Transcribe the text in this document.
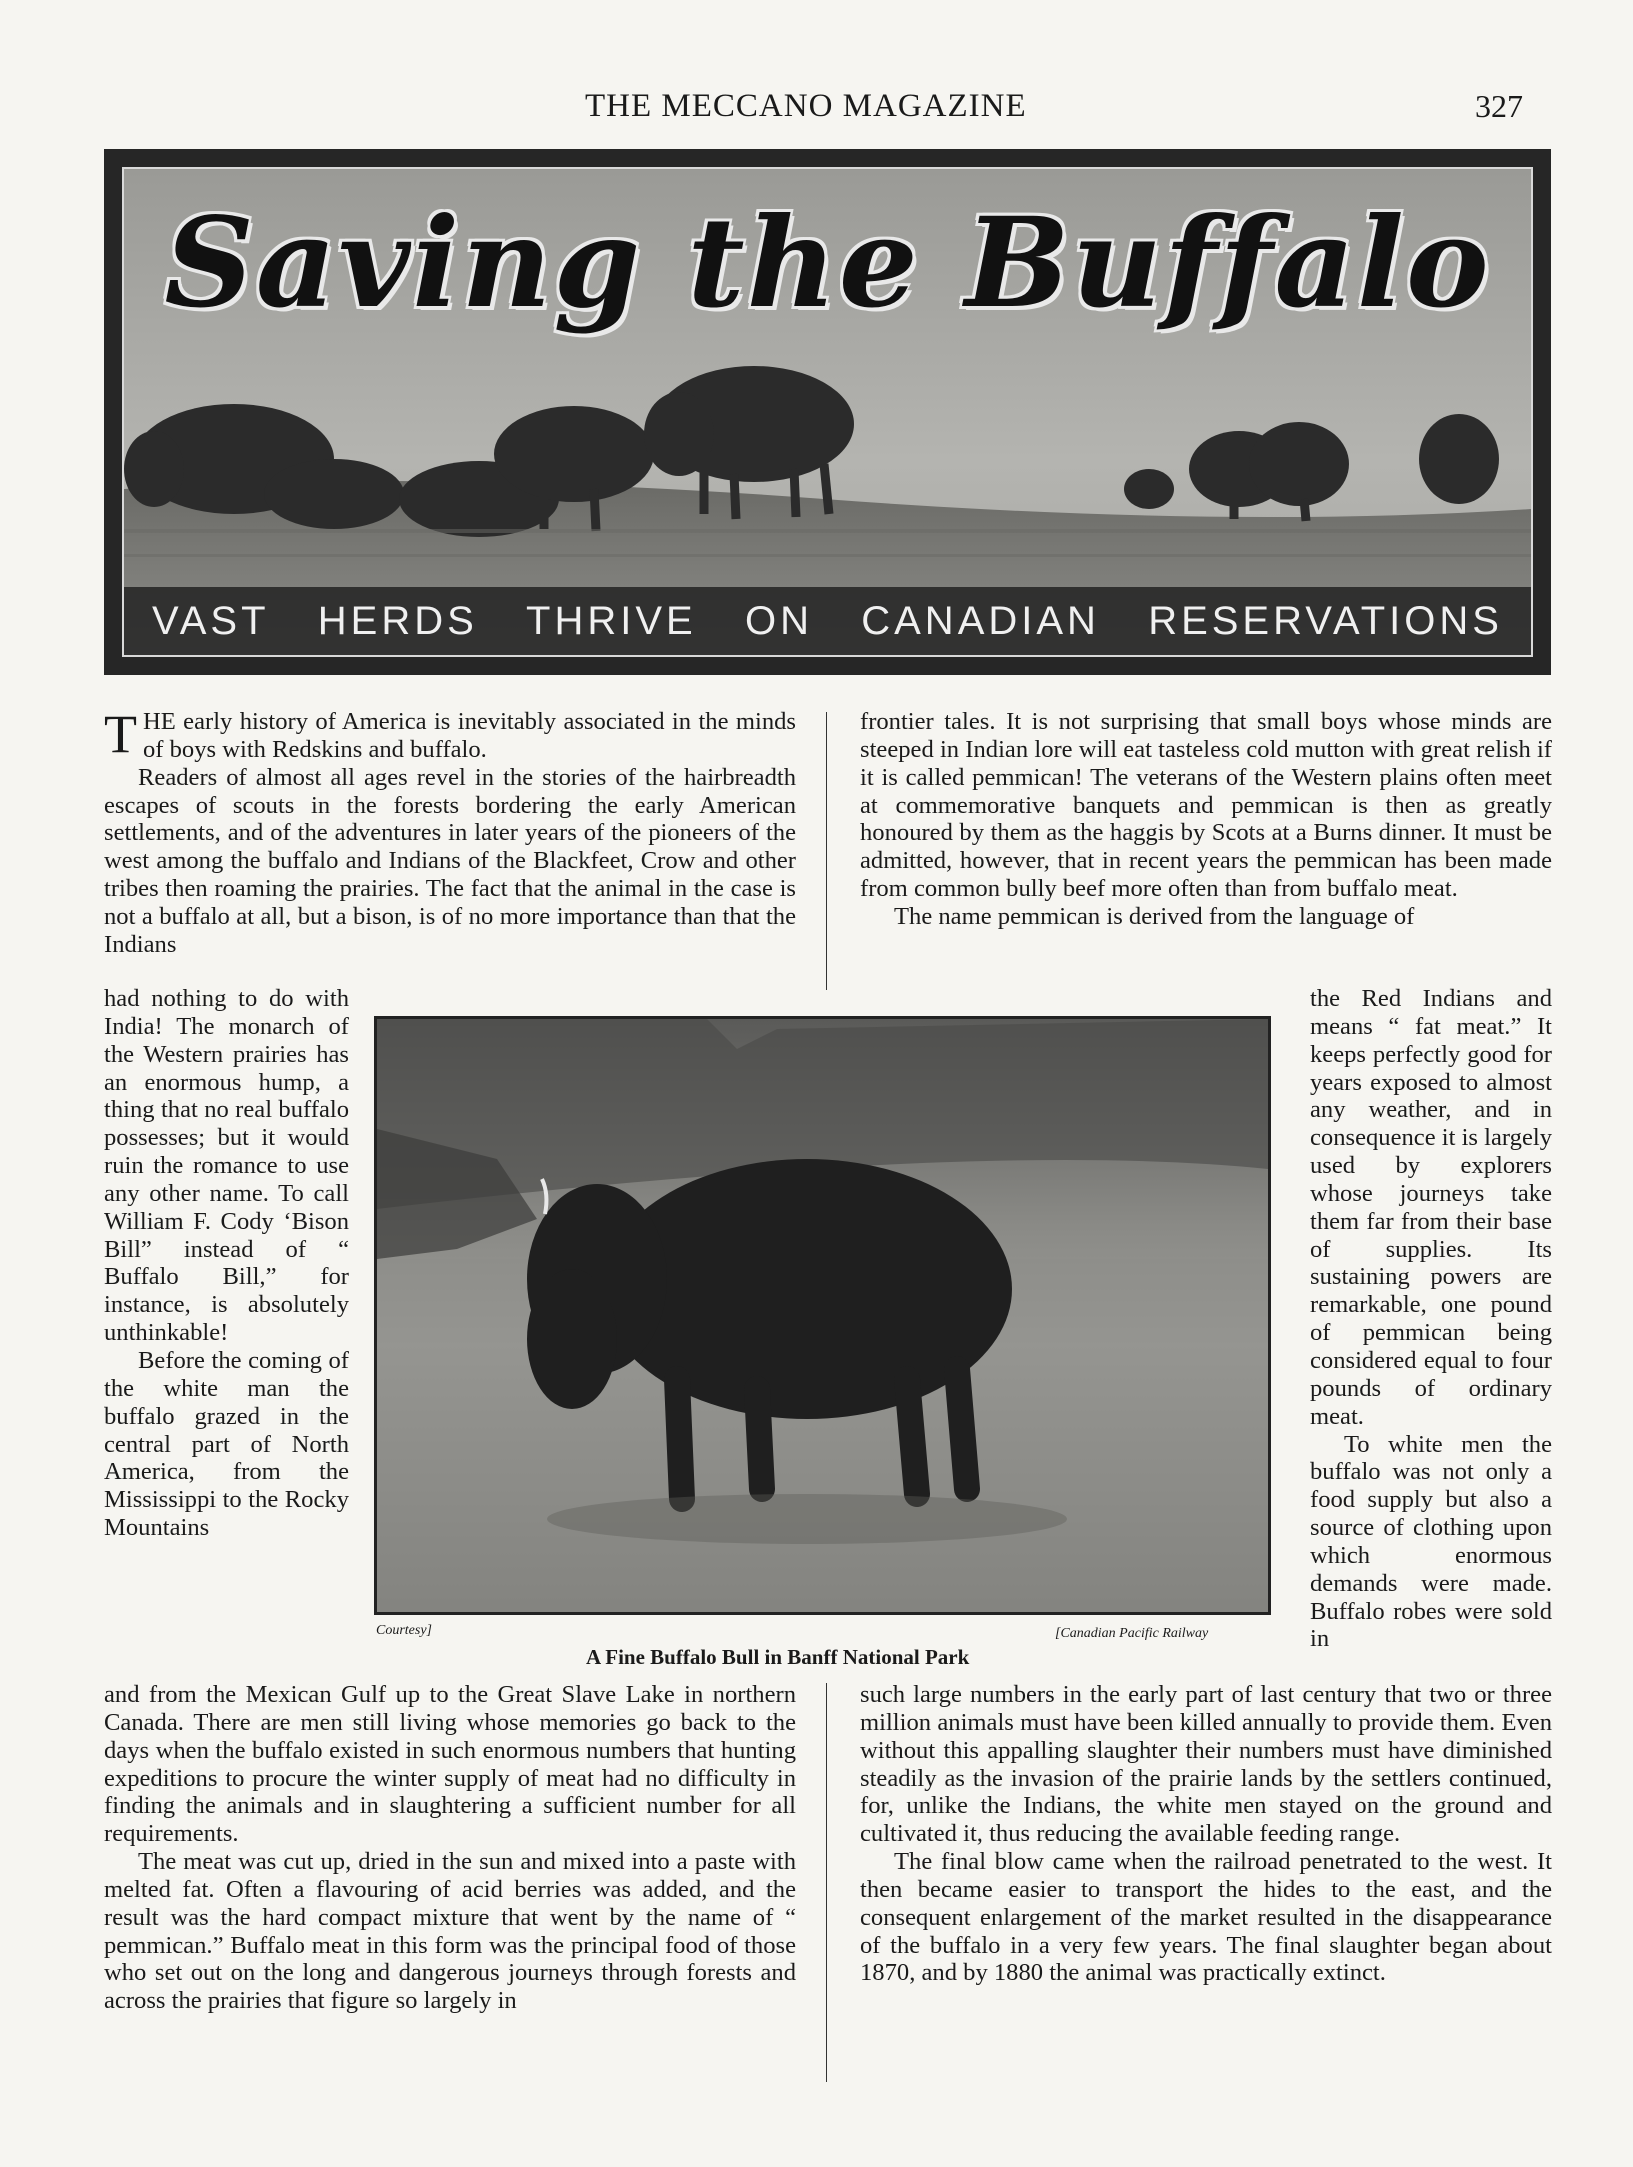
THE MECCANO MAGAZINE	327
Saving the Buffalo
VAST HERDS THRIVE ON CANADIAN RESERVATIONS

THE early history of America is inevitably associated in the minds of boys with Redskins and buffalo.

Readers of almost all ages revel in the stories of the hairbreadth escapes of scouts in the forests bordering the early American settlements, and of the adventures in later years of the pioneers of the west among the buffalo and Indians of the Blackfeet, Crow and other tribes then roaming the prairies. The fact that the animal in the case is not a buffalo at all, but a bison, is of no more importance than that the Indians

had nothing to do with India! The monarch of the Western prairies has an enormous hump, a thing that no real buffalo possesses; but it would ruin the romance to use any other name. To call William F. Cody ‘Bison Bill” instead of “ Buffalo Bill,” for instance, is absolutely unthinkable!

Before the coming of the white man the buffalo grazed in the central part of North America, from the Mississippi to the Rocky Mountains

and from the Mexican Gulf up to the Great Slave Lake in northern Canada. There are men still living whose memories go back to the days when the buffalo existed in such enormous numbers that hunting expeditions to procure the winter supply of meat had no difficulty in finding the animals and in slaughtering a sufficient number for all requirements.

The meat was cut up, dried in the sun and mixed into a paste with melted fat. Often a flavouring of acid berries was added, and the result was the hard compact mixture that went by the name of “ pemmican.” Buffalo meat in this form was the principal food of those who set out on the long and dangerous journeys through forests and across the prairies that figure so largely in

frontier tales. It is not surprising that small boys whose minds are steeped in Indian lore will eat tasteless cold mutton with great relish if it is called pemmican! The veterans of the Western plains often meet at commemorative banquets and pemmican is then as greatly honoured by them as the haggis by Scots at a Burns dinner. It must be admitted, however, that in recent years the pemmican has been made from common bully beef more often than from buffalo meat.

The name pemmican is derived from the language of

the Red Indians and means “ fat meat.” It keeps perfectly good for years exposed to almost any weather, and in consequence it is largely used by explorers whose journeys take them far from their base of supplies. Its sustaining powers are remarkable, one pound of pemmican being considered equal to four pounds of ordinary meat.

To white men the buffalo was not only a food supply but also a source of clothing upon which enormous demands were made. Buffalo robes were sold in

such large numbers in the early part of last century that two or three million animals must have been killed annually to provide them. Even without this appalling slaughter their numbers must have diminished steadily as the invasion of the prairie lands by the settlers continued, for, unlike the Indians, the white men stayed on the ground and cultivated it, thus reducing the available feeding range.

The final blow came when the railroad penetrated to the west. It then became easier to transport the hides to the east, and the consequent enlargement of the market resulted in the disappearance of the buffalo in a very few years. The final slaughter began about 1870, and by 1880 the animal was practically extinct.

Courtesy]	[Canadian Pacific Railway
A Fine Buffalo Bull in Banff National Park
